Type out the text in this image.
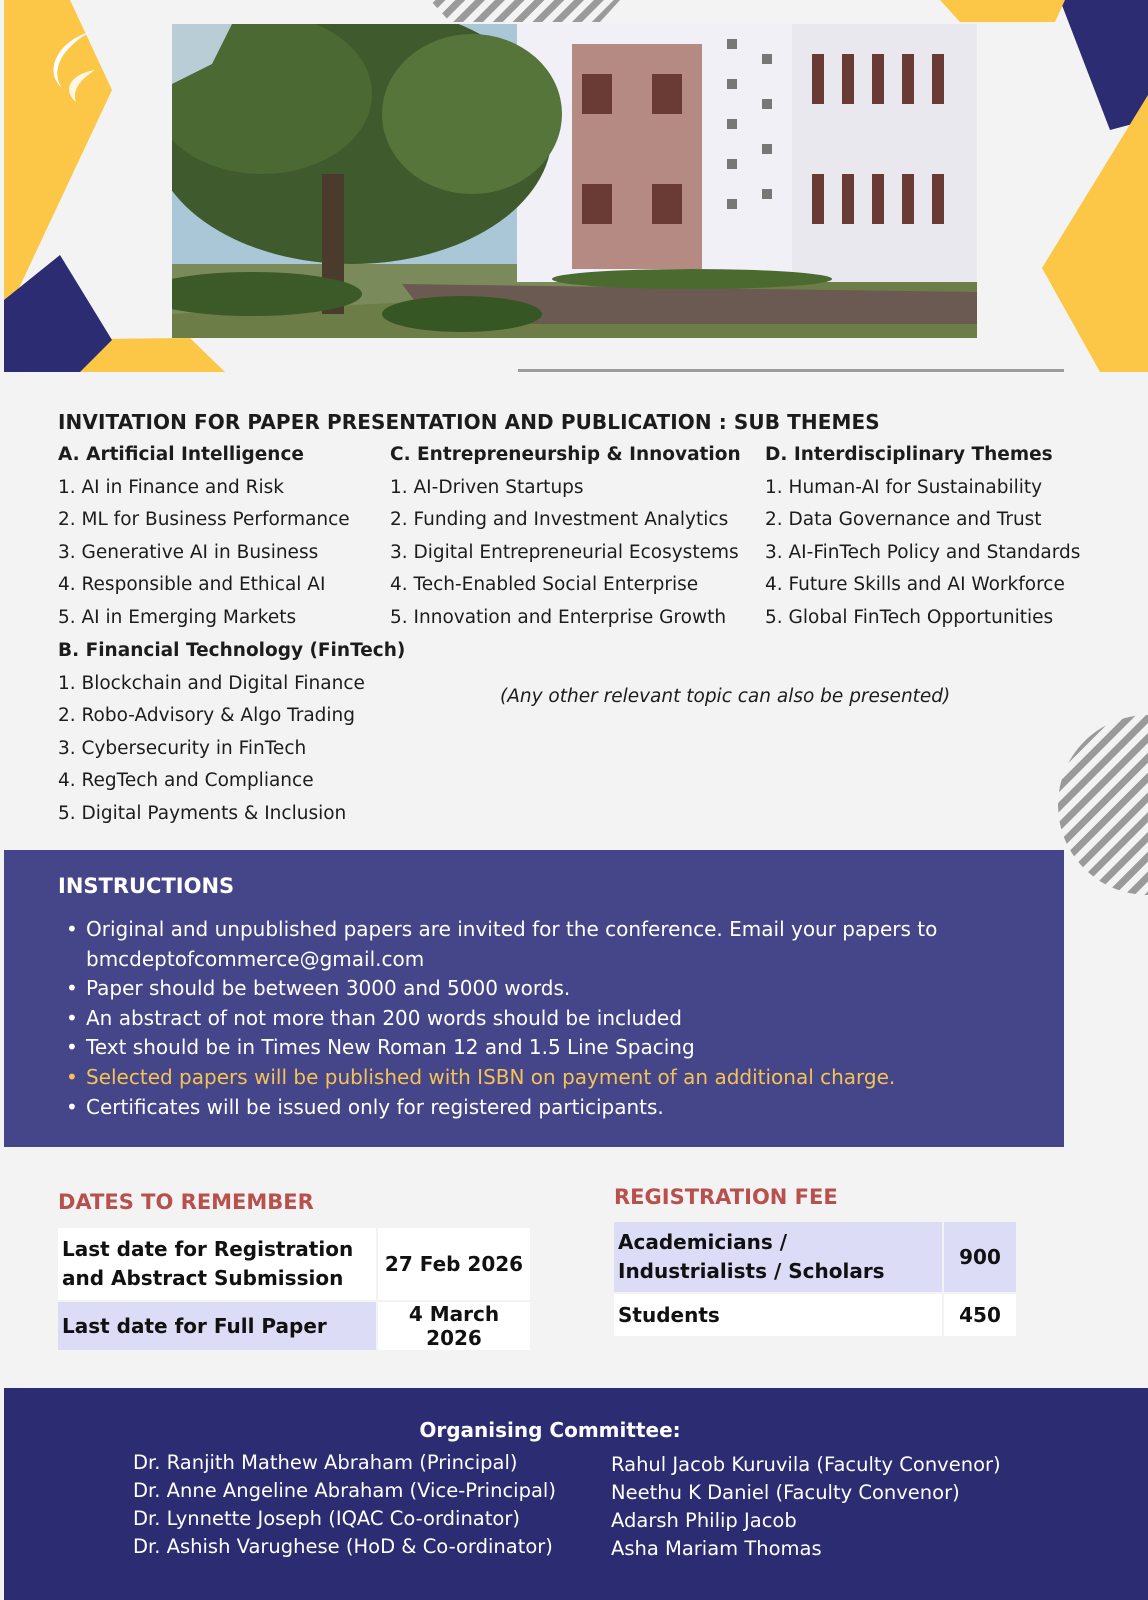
INVITATION FOR PAPER PRESENTATION AND PUBLICATION : SUB THEMES
A. Artificial Intelligence
1. AI in Finance and Risk
2. ML for Business Performance
3. Generative AI in Business
4. Responsible and Ethical AI
5. AI in Emerging Markets
B. Financial Technology (FinTech)
1. Blockchain and Digital Finance
2. Robo-Advisory & Algo Trading
3. Cybersecurity in FinTech
4. RegTech and Compliance
5. Digital Payments & Inclusion
C. Entrepreneurship & Innovation
1. AI-Driven Startups
2. Funding and Investment Analytics
3. Digital Entrepreneurial Ecosystems
4. Tech-Enabled Social Enterprise
5. Innovation and Enterprise Growth
D. Interdisciplinary Themes
1. Human-AI for Sustainability
2. Data Governance and Trust
3. AI-FinTech Policy and Standards
4. Future Skills and AI Workforce
5. Global FinTech Opportunities
(Any other relevant topic can also be presented)
INSTRUCTIONS
• Original and unpublished papers are invited for the conference. Email your papers to
bmcdeptofcommerce@gmail.com
• Paper should be between 3000 and 5000 words.
• An abstract of not more than 200 words should be included
• Text should be in Times New Roman 12 and 1.5 Line Spacing
• Selected papers will be published with ISBN on payment of an additional charge.
• Certificates will be issued only for registered participants.
DATES TO REMEMBER
Last date for Registration and Abstract Submission	27 Feb 2026
Last date for Full Paper	4 March 2026
REGISTRATION FEE
Academicians / Industrialists / Scholars	900
Students	450
Organising Committee:
Dr. Ranjith Mathew Abraham (Principal)
Dr. Anne Angeline Abraham (Vice-Principal)
Dr. Lynnette Joseph (IQAC Co-ordinator)
Dr. Ashish Varughese (HoD & Co-ordinator)
Rahul Jacob Kuruvila (Faculty Convenor)
Neethu K Daniel (Faculty Convenor)
Adarsh Philip Jacob
Asha Mariam Thomas
